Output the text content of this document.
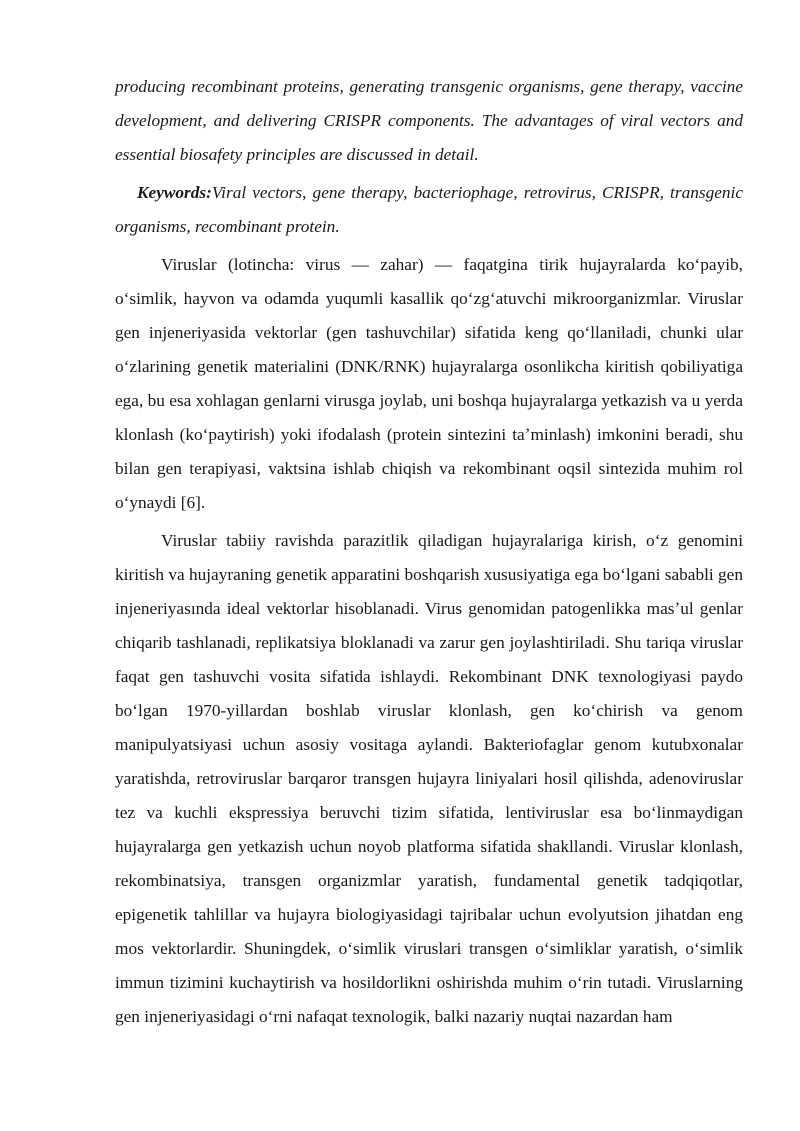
producing recombinant proteins, generating transgenic organisms, gene therapy, vaccine development, and delivering CRISPR components. The advantages of viral vectors and essential biosafety principles are discussed in detail.

Keywords:Viral vectors, gene therapy, bacteriophage, retrovirus, CRISPR, transgenic organisms, recombinant protein.

Viruslar (lotincha: virus — zahar) — faqatgina tirik hujayralarda koʻpayib, oʻsimlik, hayvon va odamda yuqumli kasallik qoʻzgʻatuvchi mikroorganizmlar. Viruslar gen injeneriyasida vektorlar (gen tashuvchilar) sifatida keng qoʻllaniladi, chunki ular oʻzlarining genetik materialini (DNK/RNK) hujayralarga osonlikcha kiritish qobiliyatiga ega, bu esa xohlagan genlarni virusga joylab, uni boshqa hujayralarga yetkazish va u yerda klonlash (koʻpaytirish) yoki ifodalash (protein sintezini taʼminlash) imkonini beradi, shu bilan gen terapiyasi, vaktsina ishlab chiqish va rekombinant oqsil sintezida muhim rol oʻynaydi [6].

Viruslar tabiiy ravishda parazitlik qiladigan hujayralariga kirish, oʻz genomini kiritish va hujayraning genetik apparatini boshqarish xususiyatiga ega boʻlgani sababli gen injeneriyasında ideal vektorlar hisoblanadi. Virus genomidan patogenlikka masʼul genlar chiqarib tashlanadi, replikatsiya bloklanadi va zarur gen joylashtiriladi. Shu tariqa viruslar faqat gen tashuvchi vosita sifatida ishlaydi. Rekombinant DNK texnologiyasi paydo boʻlgan 1970-yillardan boshlab viruslar klonlash, gen koʻchirish va genom manipulyatsiyasi uchun asosiy vositaga aylandi. Bakteriofaglar genom kutubxonalar yaratishda, retroviruslar barqaror transgen hujayra liniyalari hosil qilishda, adenoviruslar tez va kuchli ekspressiya beruvchi tizim sifatida, lentiviruslar esa boʻlinmaydigan hujayralarga gen yetkazish uchun noyob platforma sifatida shakllandi. Viruslar klonlash, rekombinatsiya, transgen organizmlar yaratish, fundamental genetik tadqiqotlar, epigenetik tahlillar va hujayra biologiyasidagi tajribalar uchun evolyutsion jihatdan eng mos vektorlardir. Shuningdek, oʻsimlik viruslari transgen oʻsimliklar yaratish, oʻsimlik immun tizimini kuchaytirish va hosildorlikni oshirishda muhim oʻrin tutadi. Viruslarning gen injeneriyasidagi oʻrni nafaqat texnologik, balki nazariy nuqtai nazardan ham
